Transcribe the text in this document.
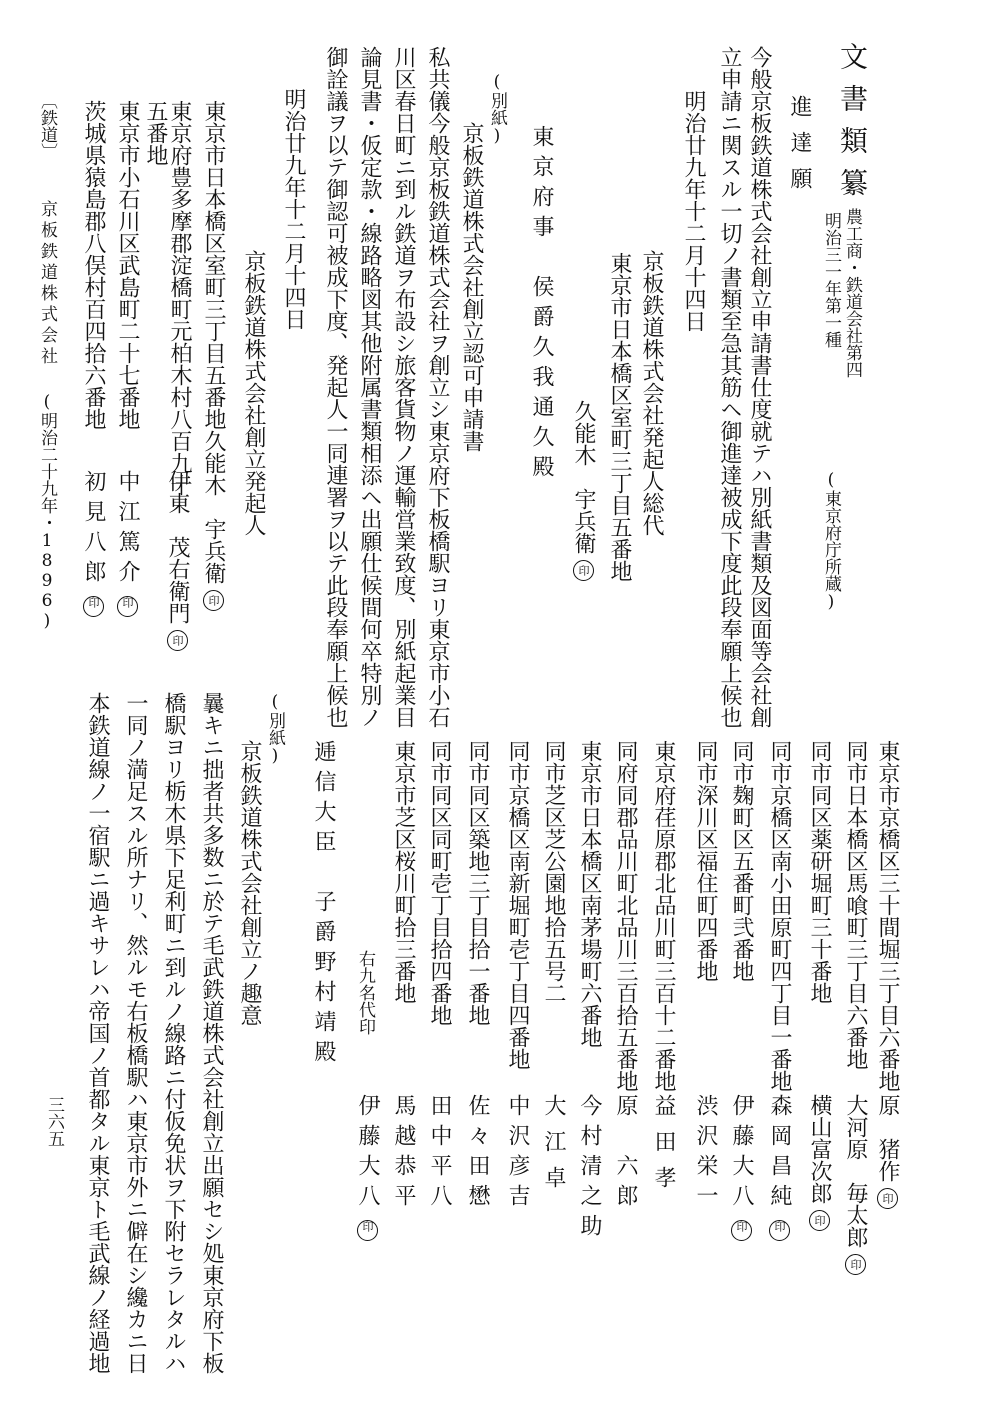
文書類纂
農工商・鉄道会社第四
明治三一年第一種
(東京府庁所蔵)
進達願
今般京板鉄道株式会社創立申請書仕度就テハ別紙書類及図面等会社創
立申請ニ関スル一切ノ書類至急其筋ヘ御進達被成下度此段奉願上候也
明治廿九年十二月十四日
京板鉄道株式会社発起人総代
東京市日本橋区室町三丁目五番地
久能木　宇兵衛印
東京府事　侯爵久我通久殿
(別紙)
京板鉄道株式会社創立認可申請書
私共儀今般京板鉄道株式会社ヲ創立シ東京府下板橋駅ヨリ東京市小石
川区春日町ニ到ル鉄道ヲ布設シ旅客貨物ノ運輸営業致度、別紙起業目
論見書・仮定款・線路略図其他附属書類相添ヘ出願仕候間何卒特別ノ
御詮議ヲ以テ御認可被成下度、発起人一同連署ヲ以テ此段奉願上候也
明治廿九年十二月十四日
京板鉄道株式会社創立発起人
東京市日本橋区室町三丁目五番地
久能木　宇兵衛印
東京府豊多摩郡淀橋町元柏木村八百九十
五番地
伊東　茂右衛門印
東京市小石川区武島町二十七番地
中江篤介印
茨城県猿島郡八俣村百四拾六番地
初見八郎印
〔鉄道〕
京板鉄道株式会社
(明治二十九年・1896)
東京市京橋区三十間堀三丁目六番地
原　猪作印
同市日本橋区馬喰町三丁目六番地
大河原　毎太郎印
同市同区薬研堀町三十番地
横山富次郎印
同市京橋区南小田原町四丁目一番地
森岡昌純印
同市麹町区五番町弐番地
伊藤大八印
同市深川区福住町四番地
渋沢栄一
東京府荏原郡北品川町三百十二番地
益田孝
同府同郡品川町北品川三百拾五番地
原　六郎
東京市日本橋区南茅場町六番地
今村清之助
同市芝区芝公園地拾五号二
大江卓
同市京橋区南新堀町壱丁目四番地
中沢彦吉
同市同区築地三丁目拾一番地
佐々田懋
同市同区同町壱丁目拾四番地
田中平八
東京市芝区桜川町拾三番地
馬越恭平
右九名代印
伊藤大八印
逓信大臣　子爵野村靖殿
(別紙)
京板鉄道株式会社創立ノ趣意
曩キニ拙者共多数ニ於テ毛武鉄道株式会社創立出願セシ処東京府下板
橋駅ヨリ栃木県下足利町ニ到ルノ線路ニ付仮免状ヲ下附セラレタルハ
一同ノ満足スル所ナリ、然ルモ右板橋駅ハ東京市外ニ僻在シ纔カニ日
本鉄道線ノ一宿駅ニ過キサレハ帝国ノ首都タル東京ト毛武線ノ経過地
三六五
